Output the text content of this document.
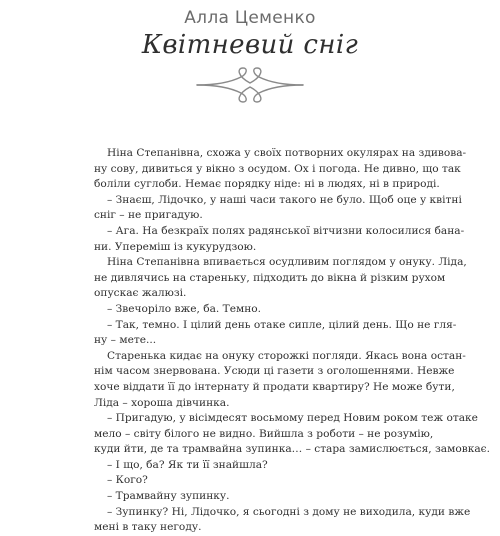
Алла Цеменко
Квітневий сніг
Ніна Степанівна, схожа у своїх потворних окулярах на здивова-
ну сову, дивиться у вікно з осудом. Ох і погода. Не дивно, що так
боліли суглоби. Немає порядку ніде: ні в людях, ні в природі.
– Знаєш, Лідочко, у наші часи такого не було. Щоб оце у квітні
сніг – не пригадую.
– Ага. На безкраїх полях радянської вітчизни колосилися бана-
ни. Упереміш із кукурудзою.
Ніна Степанівна впивається осудливим поглядом у онуку. Ліда,
не дивлячись на стареньку, підходить до вікна й різким рухом
опускає жалюзі.
– Звечоріло вже, ба. Темно.
– Так, темно. І цілий день отаке сипле, цілий день. Що не гля-
ну – мете...
Старенька кидає на онуку сторожкі погляди. Якась вона остан-
нім часом знервована. Усюди ці газети з оголошеннями. Невже
хоче віддати її до інтернату й продати квартиру? Не може бути,
Ліда – хороша дівчинка.
– Пригадую, у вісімдесят восьмому перед Новим роком теж отаке
мело – світу білого не видно. Вийшла з роботи – не розумію,
куди йти, де та трамвайна зупинка… – стара замислюється, замовкає.
– І що, ба? Як ти її знайшла?
– Кого?
– Трамвайну зупинку.
– Зупинку? Ні, Лідочко, я сьогодні з дому не виходила, куди вже
мені в таку негоду.
